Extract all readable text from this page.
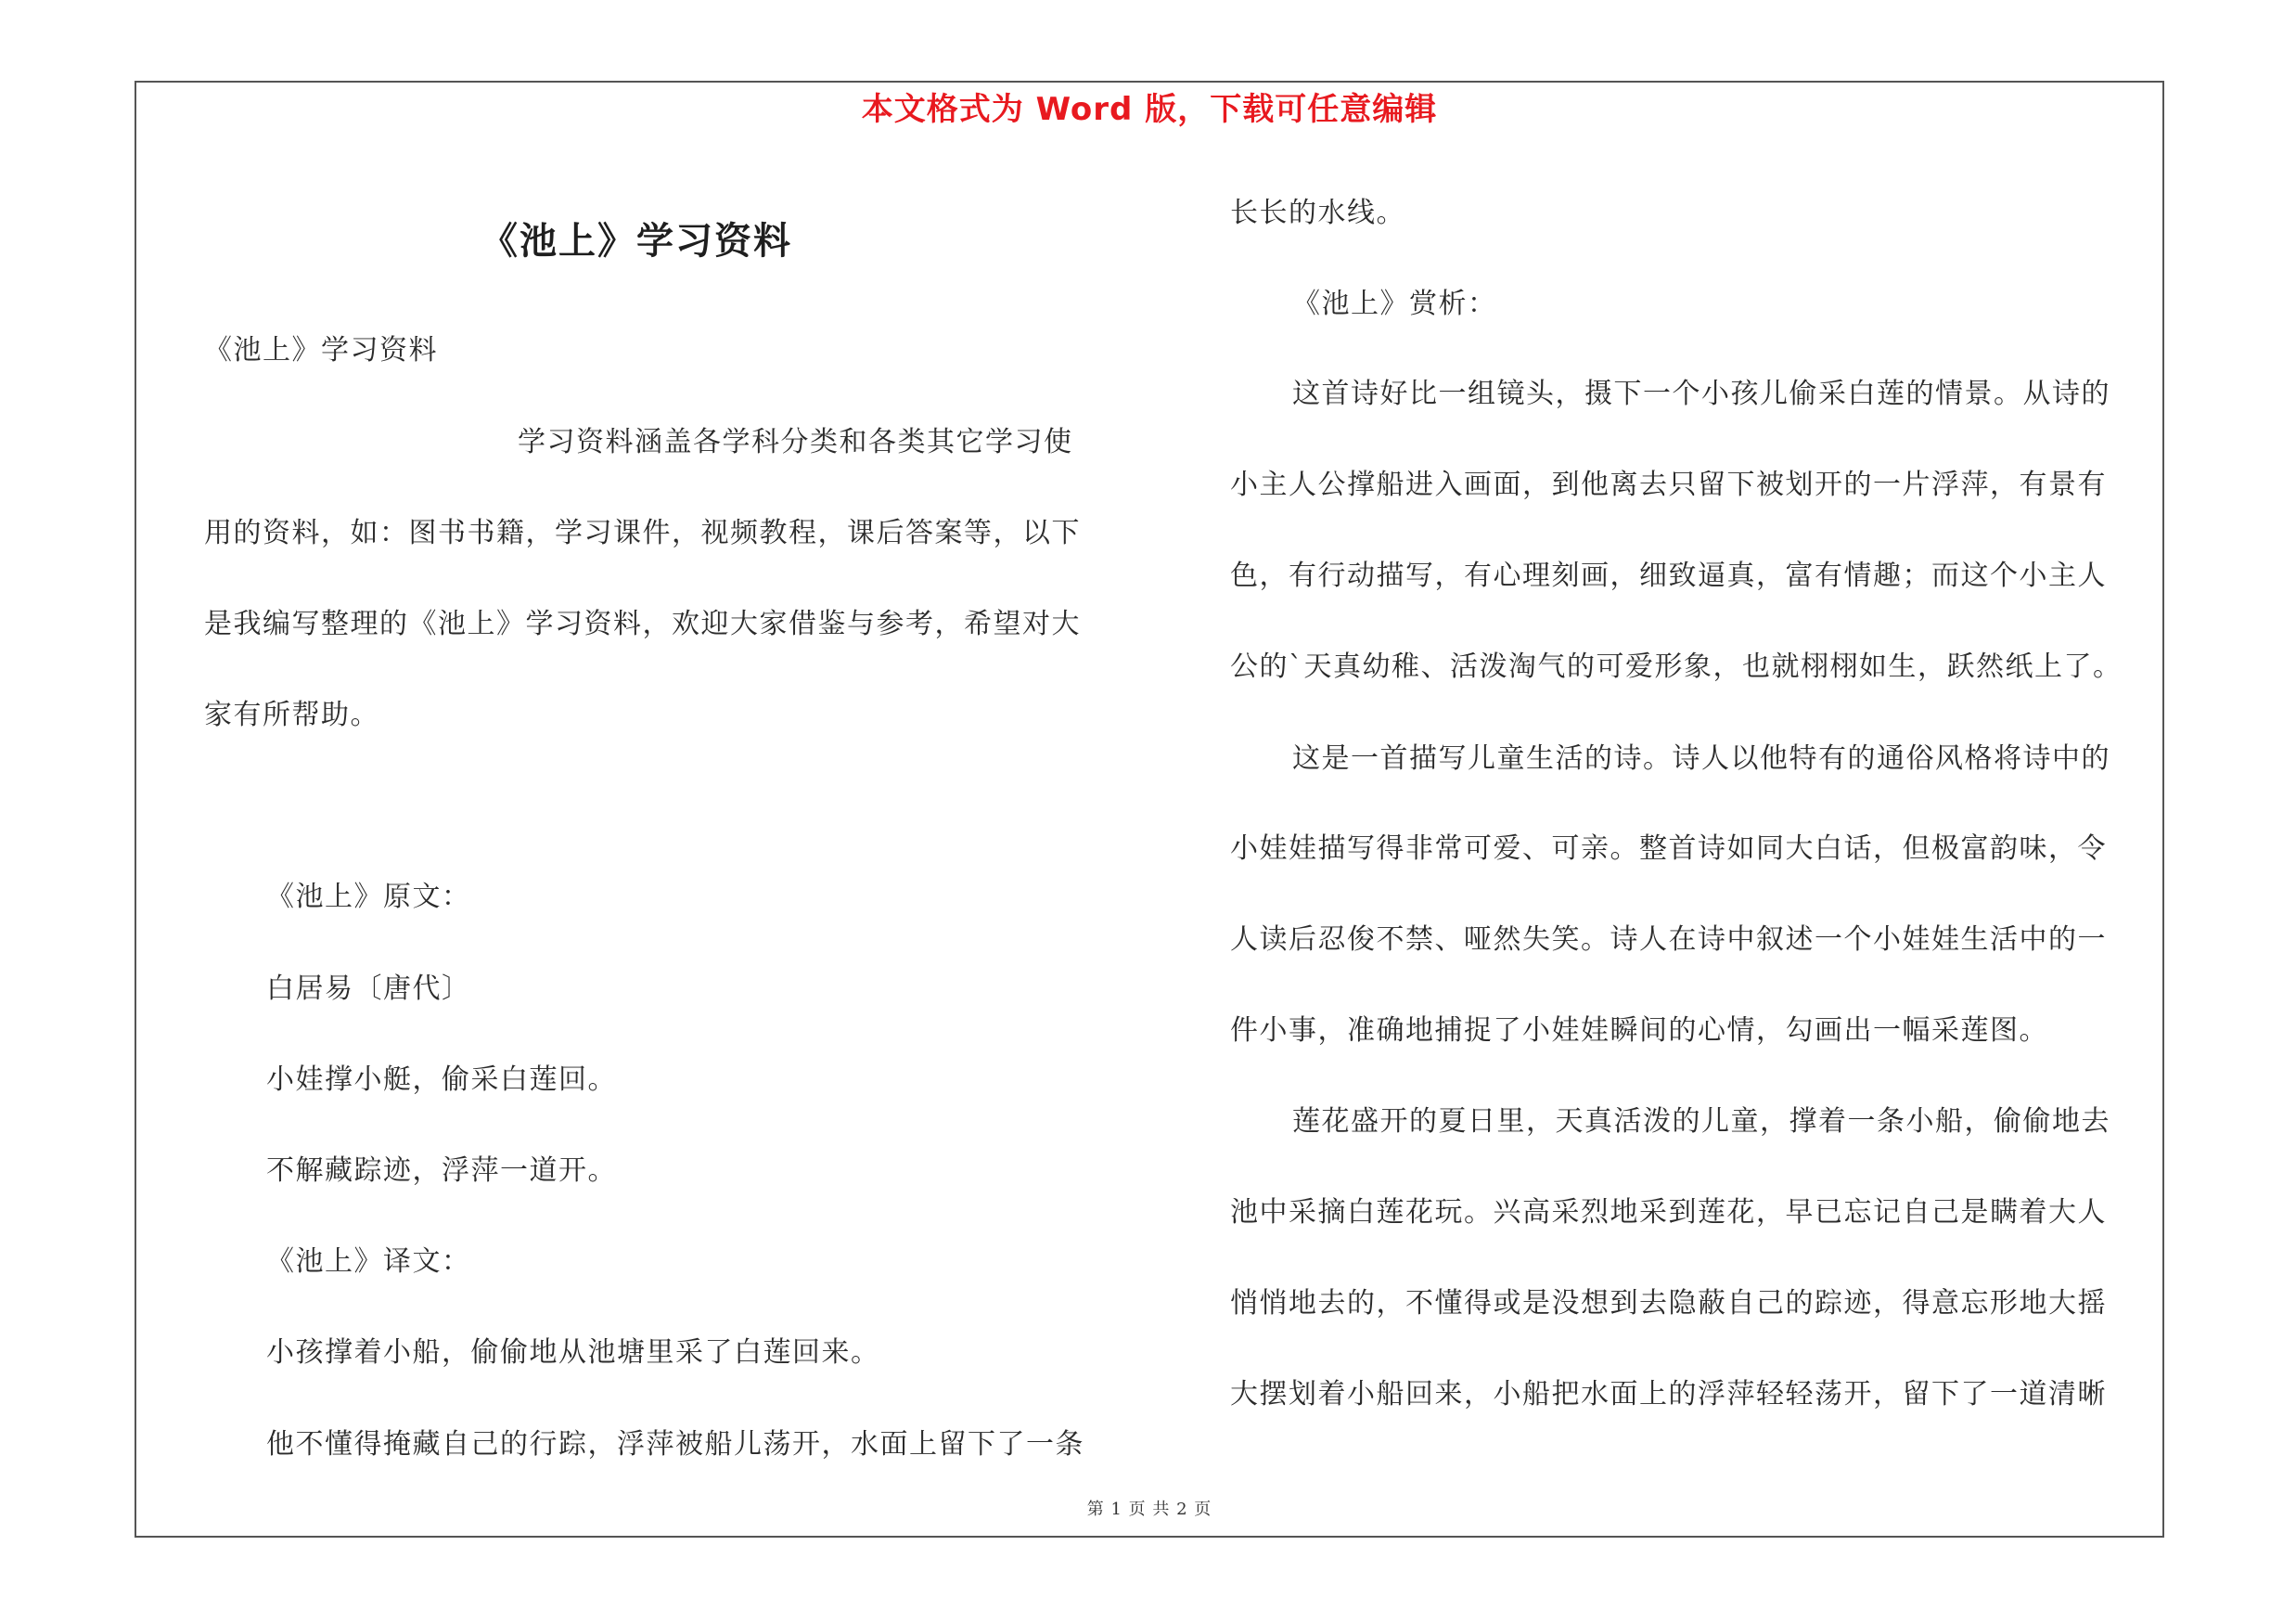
本文格式为 Word 版，下载可任意编辑
《池上》学习资料
《池上》学习资料
学习资料涵盖各学科分类和各类其它学习使
用的资料，如：图书书籍，学习课件，视频教程，课后答案等，以下
是我编写整理的《池上》学习资料，欢迎大家借鉴与参考，希望对大
家有所帮助。
《池上》原文：
白居易〔唐代〕
小娃撑小艇，偷采白莲回。
不解藏踪迹，浮萍一道开。
《池上》译文：
小孩撑着小船，偷偷地从池塘里采了白莲回来。
他不懂得掩藏自己的行踪，浮萍被船儿荡开，水面上留下了一条
长长的水线。
《池上》赏析：
这首诗好比一组镜头，摄下一个小孩儿偷采白莲的情景。从诗的
小主人公撑船进入画面，到他离去只留下被划开的一片浮萍，有景有
色，有行动描写，有心理刻画，细致逼真，富有情趣；而这个小主人
公的`天真幼稚、活泼淘气的可爱形象，也就栩栩如生，跃然纸上了。
这是一首描写儿童生活的诗。诗人以他特有的通俗风格将诗中的
小娃娃描写得非常可爱、可亲。整首诗如同大白话，但极富韵味，令
人读后忍俊不禁、哑然失笑。诗人在诗中叙述一个小娃娃生活中的一
件小事，准确地捕捉了小娃娃瞬间的心情，勾画出一幅采莲图。
莲花盛开的夏日里，天真活泼的儿童，撑着一条小船，偷偷地去
池中采摘白莲花玩。兴高采烈地采到莲花，早已忘记自己是瞒着大人
悄悄地去的，不懂得或是没想到去隐蔽自己的踪迹，得意忘形地大摇
大摆划着小船回来，小船把水面上的浮萍轻轻荡开，留下了一道清晰
第 1 页 共 2 页
